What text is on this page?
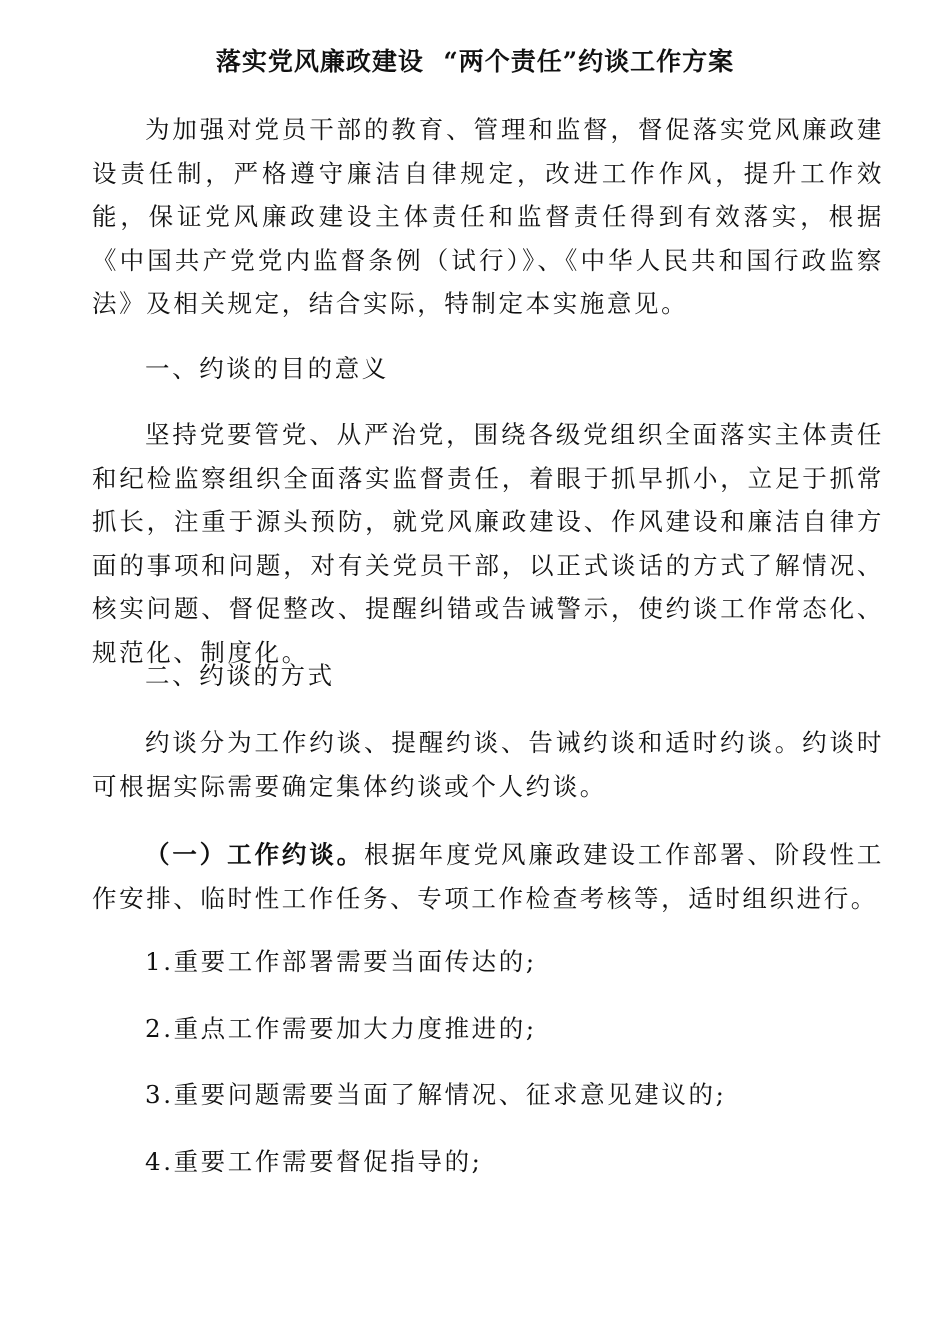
落实党风廉政建设  “两个责任”约谈工作方案

为加强对党员干部的教育、管理和监督，督促落实党风廉政建设责任制，严格遵守廉洁自律规定，改进工作作风，提升工作效能，保证党风廉政建设主体责任和监督责任得到有效落实，根据《中国共产党党内监督条例（试行）》、《中华人民共和国行政监察法》及相关规定，结合实际，特制定本实施意见。

一、约谈的目的意义

坚持党要管党、从严治党，围绕各级党组织全面落实主体责任和纪检监察组织全面落实监督责任，着眼于抓早抓小，立足于抓常抓长，注重于源头预防，就党风廉政建设、作风建设和廉洁自律方面的事项和问题，对有关党员干部，以正式谈话的方式了解情况、核实问题、督促整改、提醒纠错或告诫警示，使约谈工作常态化、规范化、制度化。

二、约谈的方式

约谈分为工作约谈、提醒约谈、告诫约谈和适时约谈。约谈时可根据实际需要确定集体约谈或个人约谈。

（一）工作约谈。根据年度党风廉政建设工作部署、阶段性工作安排、临时性工作任务、专项工作检查考核等，适时组织进行。

1.重要工作部署需要当面传达的;

2.重点工作需要加大力度推进的;

3.重要问题需要当面了解情况、征求意见建议的;

4.重要工作需要督促指导的;
